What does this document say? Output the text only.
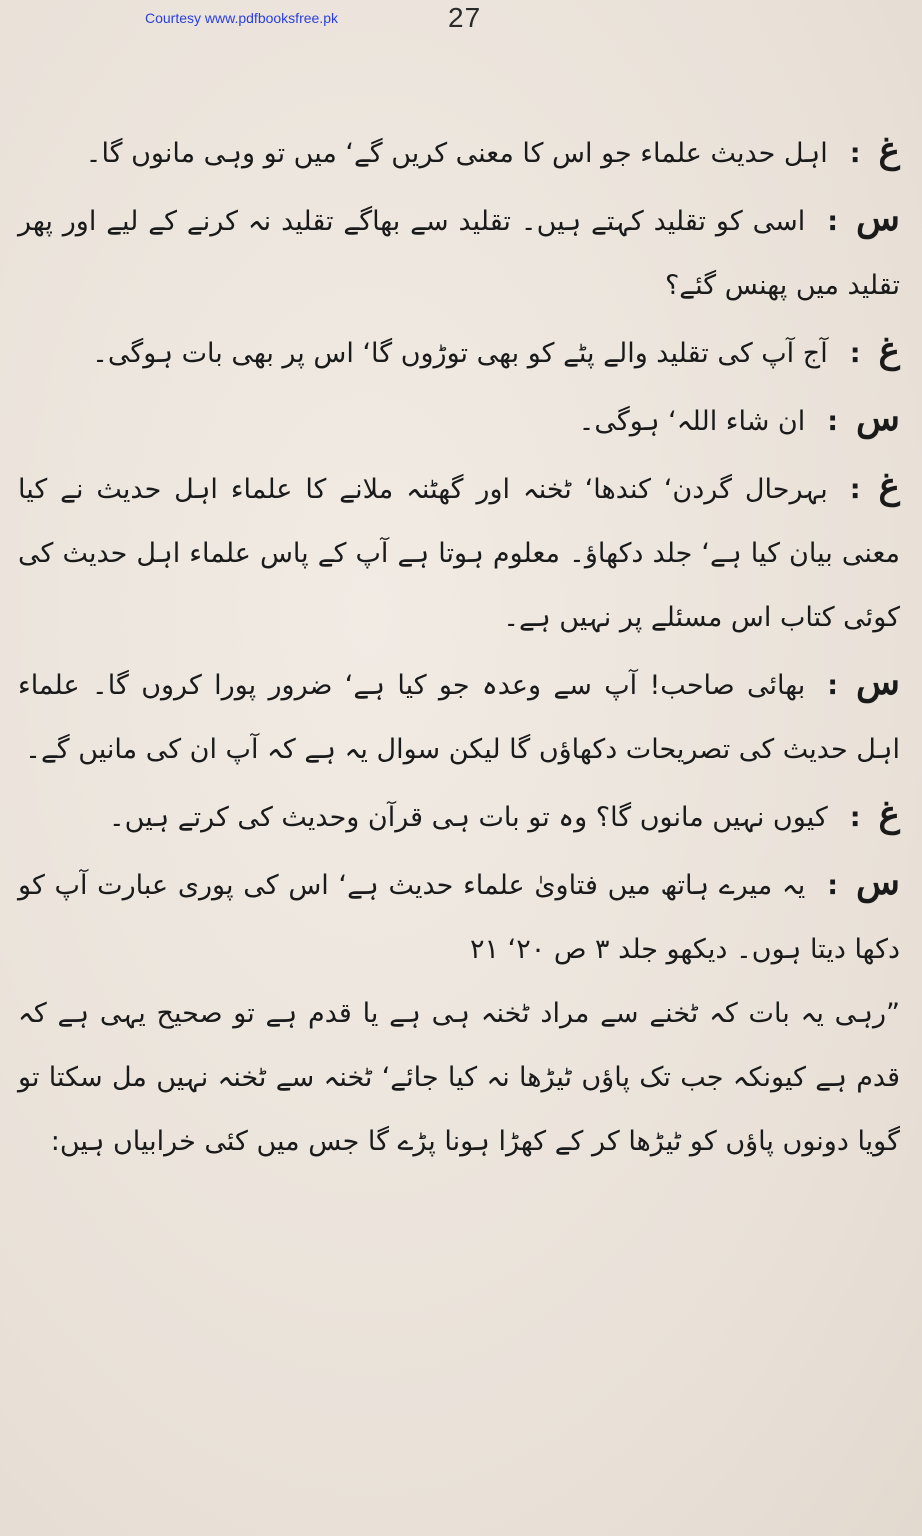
Courtesy www.pdfbooksfree.pk	27

غ:اہل حدیث علماء جو اس کا معنی کریں گے‘ میں تو وہی مانوں گا۔

س:اسی کو تقلید کہتے ہیں۔ تقلید سے بھاگے تقلید نہ کرنے کے لیے اور پھر تقلید میں پھنس گئے؟

غ:آج آپ کی تقلید والے پٹے کو بھی توڑوں گا‘ اس پر بھی بات ہوگی۔

س:ان شاء اللہ‘ ہوگی۔

غ:بہرحال گردن‘ کندھا‘ ٹخنہ اور گھٹنہ ملانے کا علماء اہل حدیث نے کیا معنی بیان کیا ہے‘ جلد دکھاؤ۔ معلوم ہوتا ہے آپ کے پاس علماء اہل حدیث کی کوئی کتاب اس مسئلے پر نہیں ہے۔

س:بھائی صاحب! آپ سے وعدہ جو کیا ہے‘ ضرور پورا کروں گا۔ علماء اہل حدیث کی تصریحات دکھاؤں گا لیکن سوال یہ ہے کہ آپ ان کی مانیں گے۔

غ:کیوں نہیں مانوں گا؟ وہ تو بات ہی قرآن وحدیث کی کرتے ہیں۔

س:یہ میرے ہاتھ میں فتاویٰ علماء حدیث ہے‘ اس کی پوری عبارت آپ کو دکھا دیتا ہوں۔ دیکھو جلد ۳ ص ۲۰‘ ۲۱

”رہی یہ بات کہ ٹخنے سے مراد ٹخنہ ہی ہے یا قدم ہے تو صحیح یہی ہے کہ قدم ہے کیونکہ جب تک پاؤں ٹیڑھا نہ کیا جائے‘ ٹخنہ سے ٹخنہ نہیں مل سکتا تو گویا دونوں پاؤں کو ٹیڑھا کر کے کھڑا ہونا پڑے گا جس میں کئی خرابیاں ہیں:
